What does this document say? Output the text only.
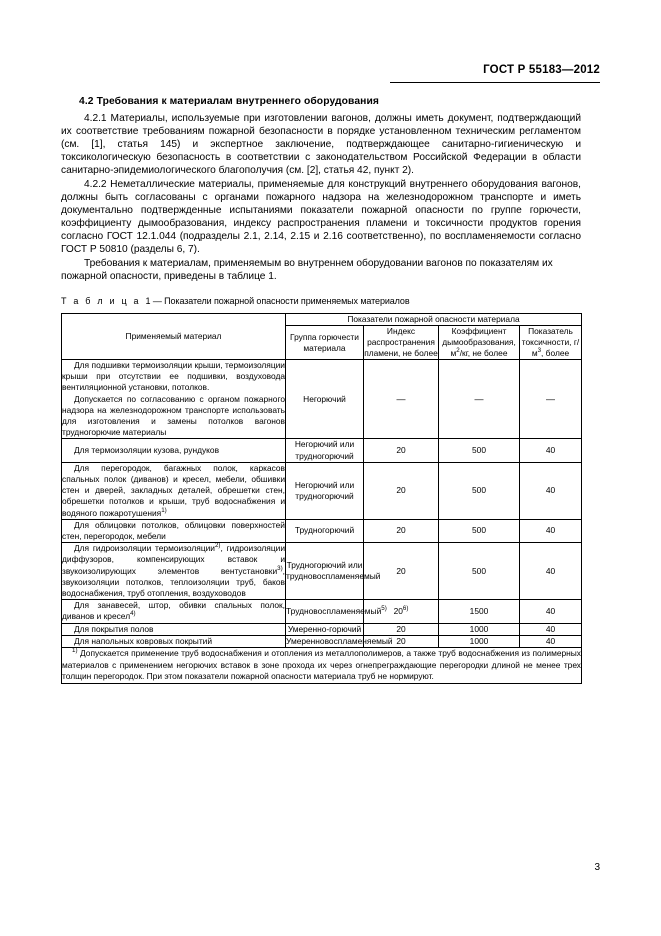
ГОСТ Р 55183—2012
4.2 Требования к материалам внутреннего оборудования

4.2.1 Материалы, используемые при изготовлении вагонов, должны иметь документ, подтверждающий их соответствие требованиям пожарной безопасности в порядке установленном техническим регламентом (см. [1], статья 145) и экспертное заключение, подтверждающее санитарно-гигиеническую и токсикологическую безопасность в соответствии с законодательством Российской Федерации в области санитарно-эпидемиологического благополучия (см. [2], статья 42, пункт 2).

4.2.2 Неметаллические материалы, применяемые для конструкций внутреннего оборудования вагонов, должны быть согласованы с органами пожарного надзора на железнодорожном транспорте и иметь документально подтвержденные испытаниями показатели пожарной опасности по группе горючести, коэффициенту дымообразования, индексу распространения пламени и токсичности продуктов горения согласно ГОСТ 12.1.044 (подразделы 2.1, 2.14, 2.15 и 2.16 соответственно), по воспламеняемости согласно ГОСТ Р 50810 (разделы 6, 7).

Требования к материалам, применяемым во внутреннем оборудовании вагонов по показателям их пожарной опасности, приведены в таблице 1.

Т а б л и ц а 1 — Показатели пожарной опасности применяемых материалов
Применяемый материал	Показатели пожарной опасности материала			
	Группа горючести материала	Индекс распространения пламени, не более	Коэффициент дымообразования, $м^2/кг$, не более	Показатель токсичности, $г/м^3$, более

Для подшивки термоизоляции крыши, термоизоляции крыши при отсутствии ее подшивки, воздуховода вентиляционной установки, потолков.

Допускается по согласованию с органом пожарного надзора на железнодорожном транспорте использовать для изготовления и замены потолков вагонов трудногорючие материалы	Негорючий	—	—	—

Для термоизоляции кузова, рундуков	Негорючий или трудногорючий	20	500	40

Для перегородок, багажных полок, каркасов спальных полок (диванов) и кресел, мебели, обшивки стен и дверей, закладных деталей, обрешетки стен, обрешетки потолков и крыши, труб водоснабжения и водяного пожаротушения$^{1)}$	Негорючий или трудногорючий	20	500	40

Для облицовки потолков, облицовки поверхностей стен, перегородок, мебели	Трудногорючий	20	500	40

Для гидроизоляции термоизоляции$^{2)}$, гидроизоляции диффузоров, компенсирующих вставок и звукоизолирующих элементов вентустановки$^{3)}$, звукоизоляции потолков, теплоизоляции труб, баков водоснабжения, труб отопления, воздуховодов	Трудногорючий или трудновоспламеняемый	20	500	40

Для занавесей, штор, обивки спальных полок, диванов и кресел$^{4)}$	Трудновоспламеняемый$^{5)}$	20$^{6)}$	1500	40

Для покрытия полов	Умеренно-горючий	20	1000	40

Для напольных ковровых покрытий	Умеренновоспламеняемый	20	1000	40

$^{1)}$ Допускается применение труб водоснабжения и отопления из металлополимеров, а также труб водоснабжения из полимерных материалов с применением негорючих вставок в зоне прохода их через огнепреграждающие перегородки длиной не менее трех толщин перегородок. При этом показатели пожарной опасности материала труб не нормируют.				

3
